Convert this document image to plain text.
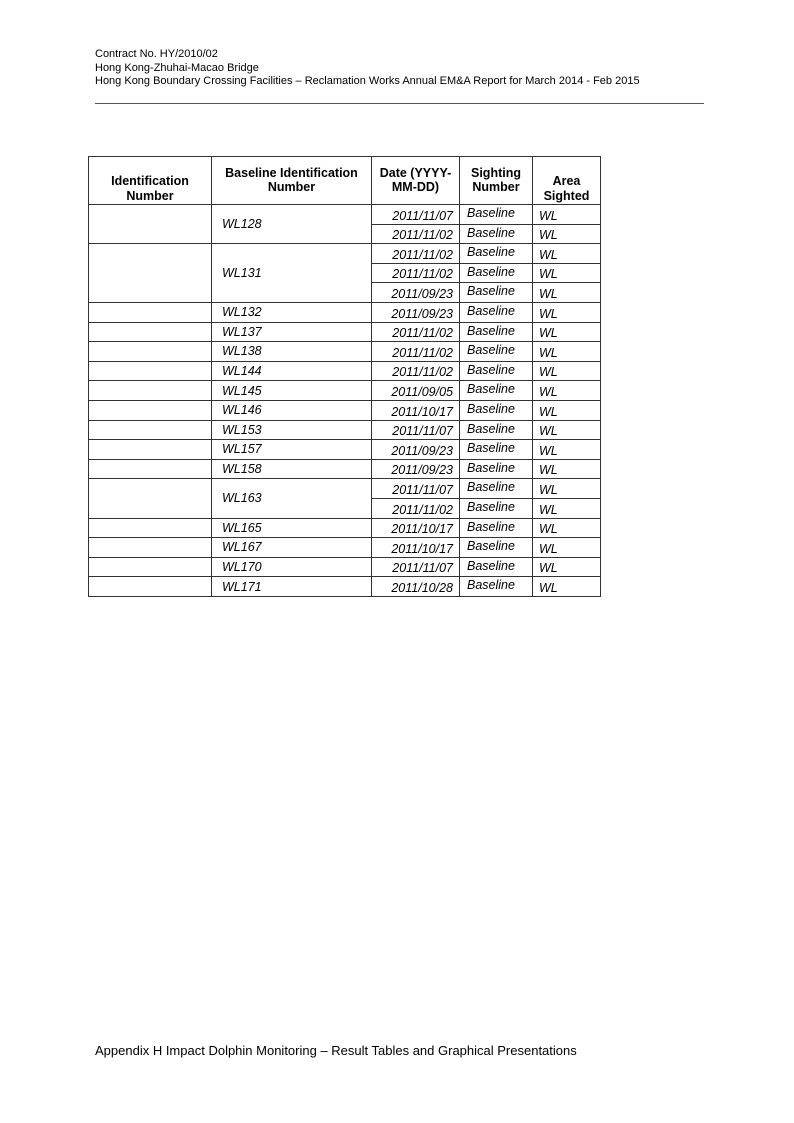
Contract No. HY/2010/02
Hong Kong-Zhuhai-Macao Bridge
Hong Kong Boundary Crossing Facilities – Reclamation Works Annual EM&A Report for March 2014 - Feb 2015
Identification Number	Baseline Identification Number	Date (YYYY-MM-DD)	Sighting Number	Area Sighted
	WL128	2011/11/07	Baseline	WL
		2011/11/02	Baseline	WL
	WL131	2011/11/02	Baseline	WL
		2011/11/02	Baseline	WL
		2011/09/23	Baseline	WL
	WL132	2011/09/23	Baseline	WL
	WL137	2011/11/02	Baseline	WL
	WL138	2011/11/02	Baseline	WL
	WL144	2011/11/02	Baseline	WL
	WL145	2011/09/05	Baseline	WL
	WL146	2011/10/17	Baseline	WL
	WL153	2011/11/07	Baseline	WL
	WL157	2011/09/23	Baseline	WL
	WL158	2011/09/23	Baseline	WL
	WL163	2011/11/07	Baseline	WL
		2011/11/02	Baseline	WL
	WL165	2011/10/17	Baseline	WL
	WL167	2011/10/17	Baseline	WL
	WL170	2011/11/07	Baseline	WL
	WL171	2011/10/28	Baseline	WL
Appendix H Impact Dolphin Monitoring – Result Tables and Graphical Presentations
